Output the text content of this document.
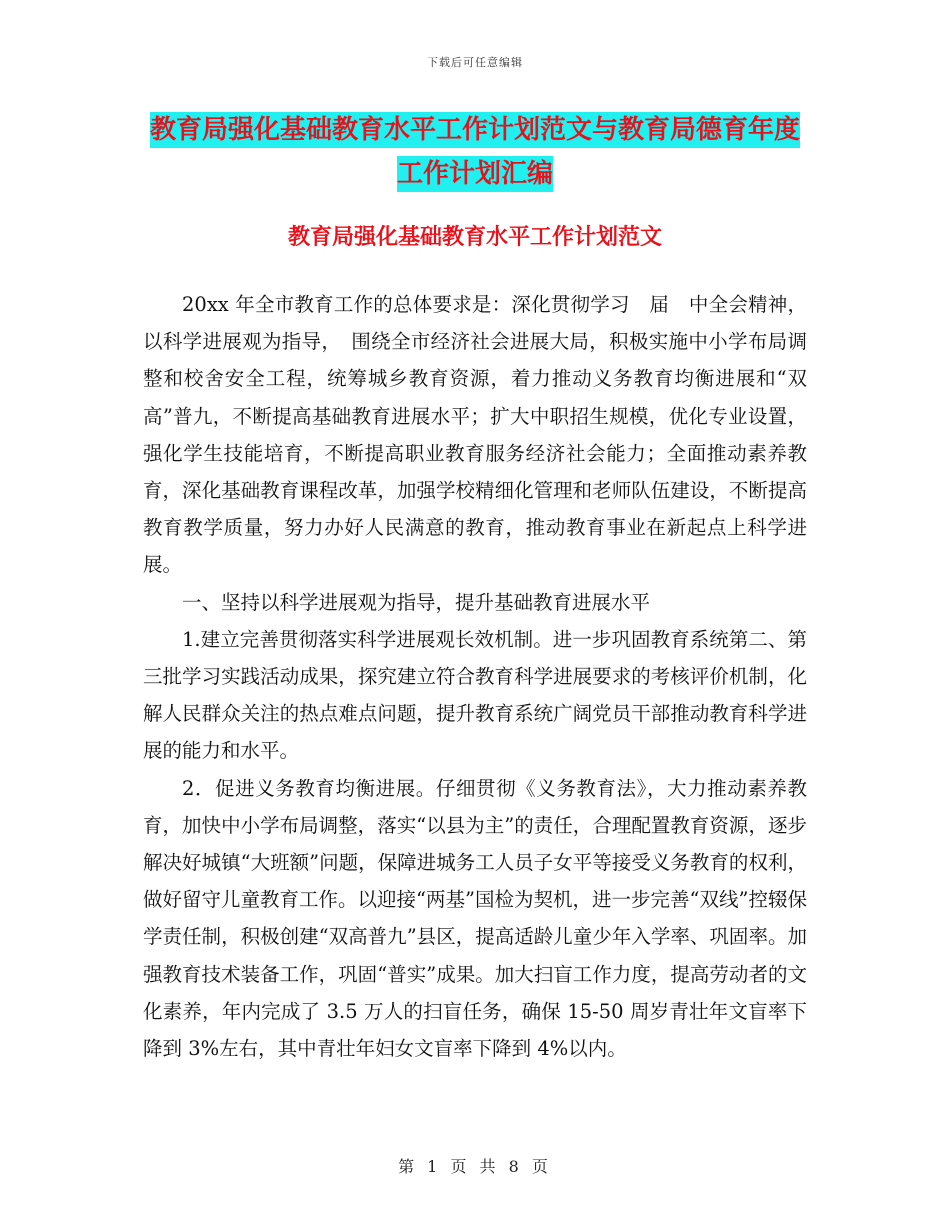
下载后可任意编辑
教育局强化基础教育水平工作计划范文与教育局德育年度工作计划汇编
教育局强化基础教育水平工作计划范文

20xx 年全市教育工作的总体要求是：深化贯彻学习　届　中全会精神，以科学进展观为指导，　围绕全市经济社会进展大局，积极实施中小学布局调整和校舍安全工程，统筹城乡教育资源，着力推动义务教育均衡进展和“双高”普九，不断提高基础教育进展水平；扩大中职招生规模，优化专业设置，强化学生技能培育，不断提高职业教育服务经济社会能力；全面推动素养教育，深化基础教育课程改革，加强学校精细化管理和老师队伍建设，不断提高教育教学质量，努力办好人民满意的教育，推动教育事业在新起点上科学进展。

一、坚持以科学进展观为指导，提升基础教育进展水平

1.建立完善贯彻落实科学进展观长效机制。进一步巩固教育系统第二、第三批学习实践活动成果，探究建立符合教育科学进展要求的考核评价机制，化解人民群众关注的热点难点问题，提升教育系统广阔党员干部推动教育科学进展的能力和水平。

2．促进义务教育均衡进展。仔细贯彻《义务教育法》，大力推动素养教育，加快中小学布局调整，落实“以县为主”的责任，合理配置教育资源，逐步解决好城镇“大班额”问题，保障进城务工人员子女平等接受义务教育的权利，做好留守儿童教育工作。以迎接“两基”国检为契机，进一步完善“双线”控辍保学责任制，积极创建“双高普九”县区，提高适龄儿童少年入学率、巩固率。加强教育技术装备工作，巩固“普实”成果。加大扫盲工作力度，提高劳动者的文化素养，年内完成了 3.5 万人的扫盲任务，确保 15-50 周岁青壮年文盲率下降到 3%左右，其中青壮年妇女文盲率下降到 4%以内。

第 1 页 共 8 页
